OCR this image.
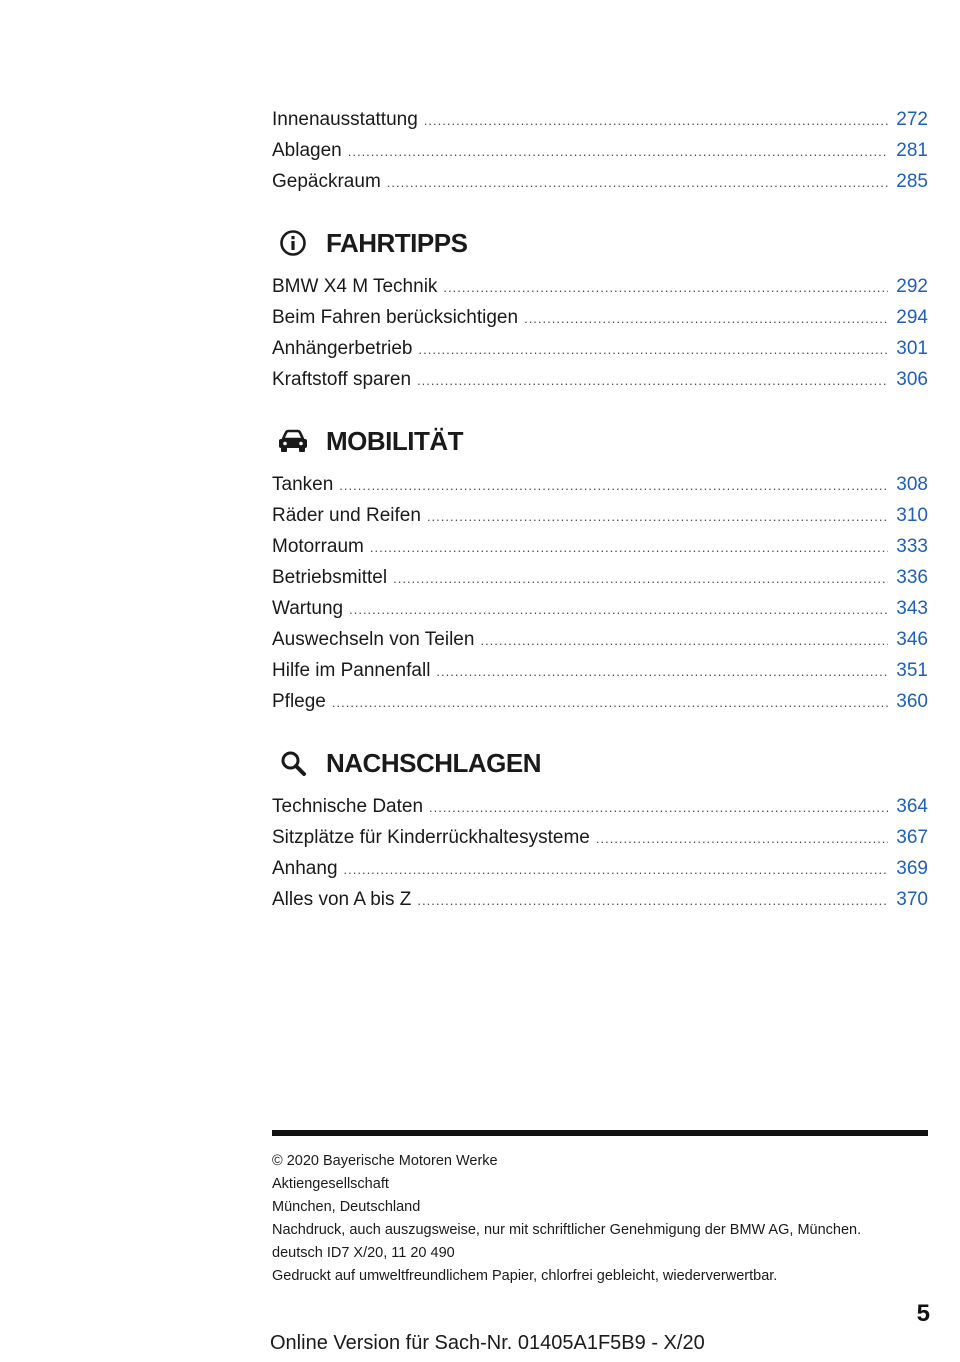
Innenausstattung .....	272
Ablagen .....	281
Gepäckraum .....	285
FAHRTIPPS
BMW X4 M Technik .....	292
Beim Fahren berücksichtigen .....	294
Anhängerbetrieb .....	301
Kraftstoff sparen .....	306
MOBILITÄT
Tanken .....	308
Räder und Reifen .....	310
Motorraum .....	333
Betriebsmittel .....	336
Wartung .....	343
Auswechseln von Teilen .....	346
Hilfe im Pannenfall .....	351
Pflege .....	360
NACHSCHLAGEN
Technische Daten .....	364
Sitzplätze für Kinderrückhaltesysteme .....	367
Anhang .....	369
Alles von A bis Z .....	370
© 2020 Bayerische Motoren Werke
Aktiengesellschaft
München, Deutschland
Nachdruck, auch auszugsweise, nur mit schriftlicher Genehmigung der BMW AG, München.
deutsch ID7 X/20, 11 20 490
Gedruckt auf umweltfreundlichem Papier, chlorfrei gebleicht, wiederverwertbar.
5
Online Version für Sach-Nr. 01405A1F5B9 - X/20
